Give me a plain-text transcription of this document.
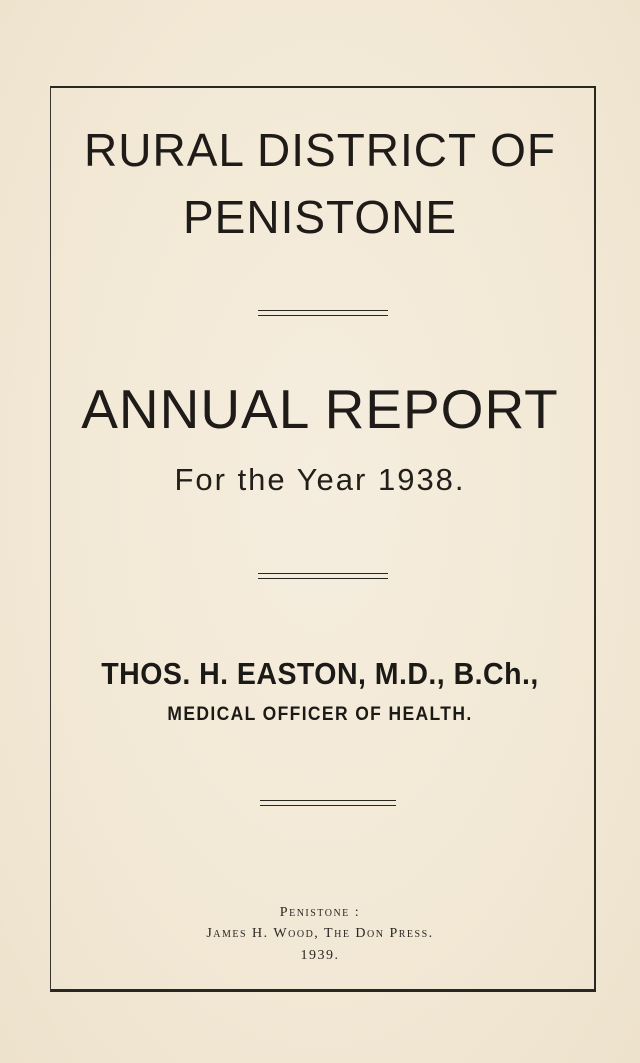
RURAL DISTRICT OF
PENISTONE
ANNUAL REPORT
For the Year 1938.
THOS. H. EASTON, M.D., B.Ch.,
MEDICAL OFFICER OF HEALTH.
Penistone :
James H. Wood, The Don Press.
1939.
